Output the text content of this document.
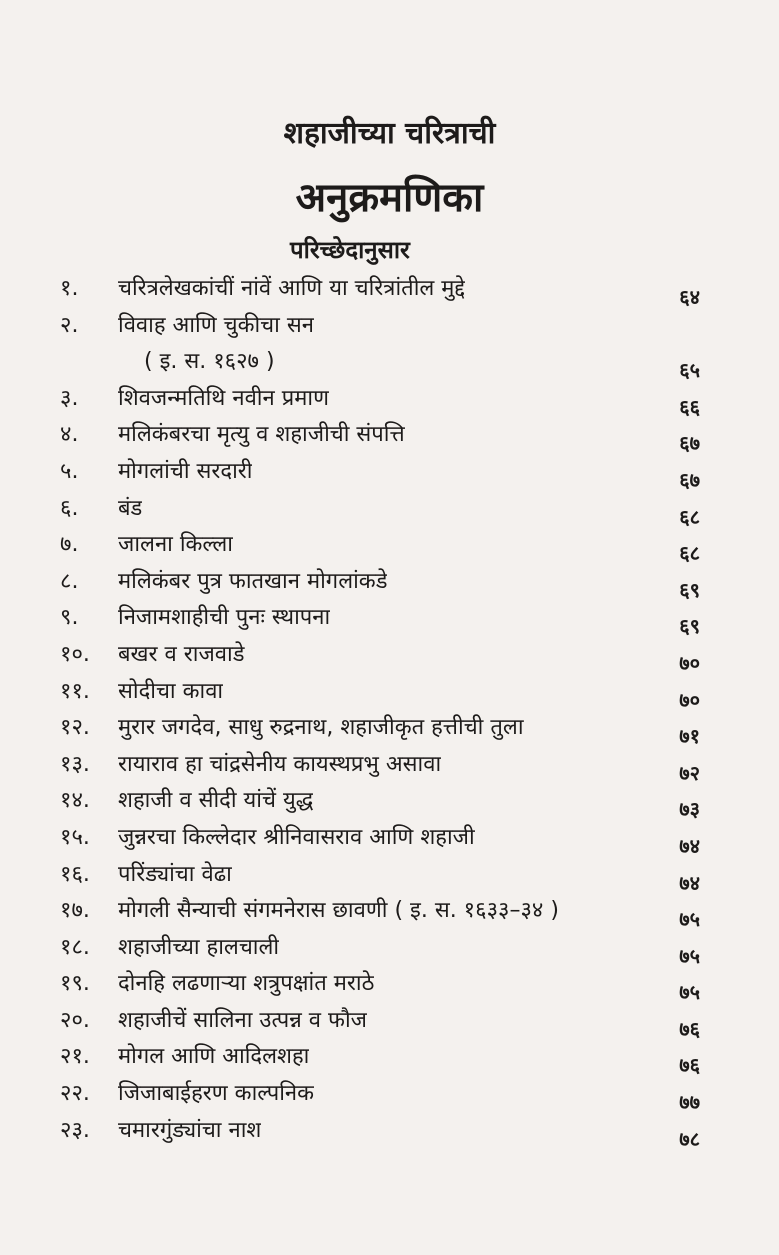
शहाजीच्या चरित्राची
अनुक्रमणिका
परिच्छेदानुसार
१. चरित्रलेखकांचीं नांवें आणि या चरित्रांतील मुद्दे	६४
२. विवाह आणि चुकीचा सन
( इ. स. १६२७ )	६५
३. शिवजन्मतिथि नवीन प्रमाण	६६
४. मलिकंबरचा मृत्यु व शहाजीची संपत्ति	६७
५. मोगलांची सरदारी	६७
६. बंड	६८
७. जालना किल्ला	६८
८. मलिकंबर पुत्र फातखान मोगलांकडे	६९
९. निजामशाहीची पुनः स्थापना	६९
१०. बखर व राजवाडे	७०
११. सोदीचा कावा	७०
१२. मुरार जगदेव, साधु रुद्रनाथ, शहाजीकृत हत्तीची तुला	७१
१३. रायाराव हा चांद्रसेनीय कायस्थप्रभु असावा	७२
१४. शहाजी व सीदी यांचें युद्ध	७३
१५. जुन्नरचा किल्लेदार श्रीनिवासराव आणि शहाजी	७४
१६. परिंड्यांचा वेढा	७४
१७. मोगली सैन्याची संगमनेरास छावणी ( इ. स. १६३३–३४ )	७५
१८. शहाजीच्या हालचाली	७५
१९. दोनहि लढणाऱ्या शत्रुपक्षांत मराठे	७५
२०. शहाजीचें सालिना उत्पन्न व फौज	७६
२१. मोगल आणि आदिलशहा	७६
२२. जिजाबाईहरण काल्पनिक	७७
२३. चमारगुंड्यांचा नाश	७८
